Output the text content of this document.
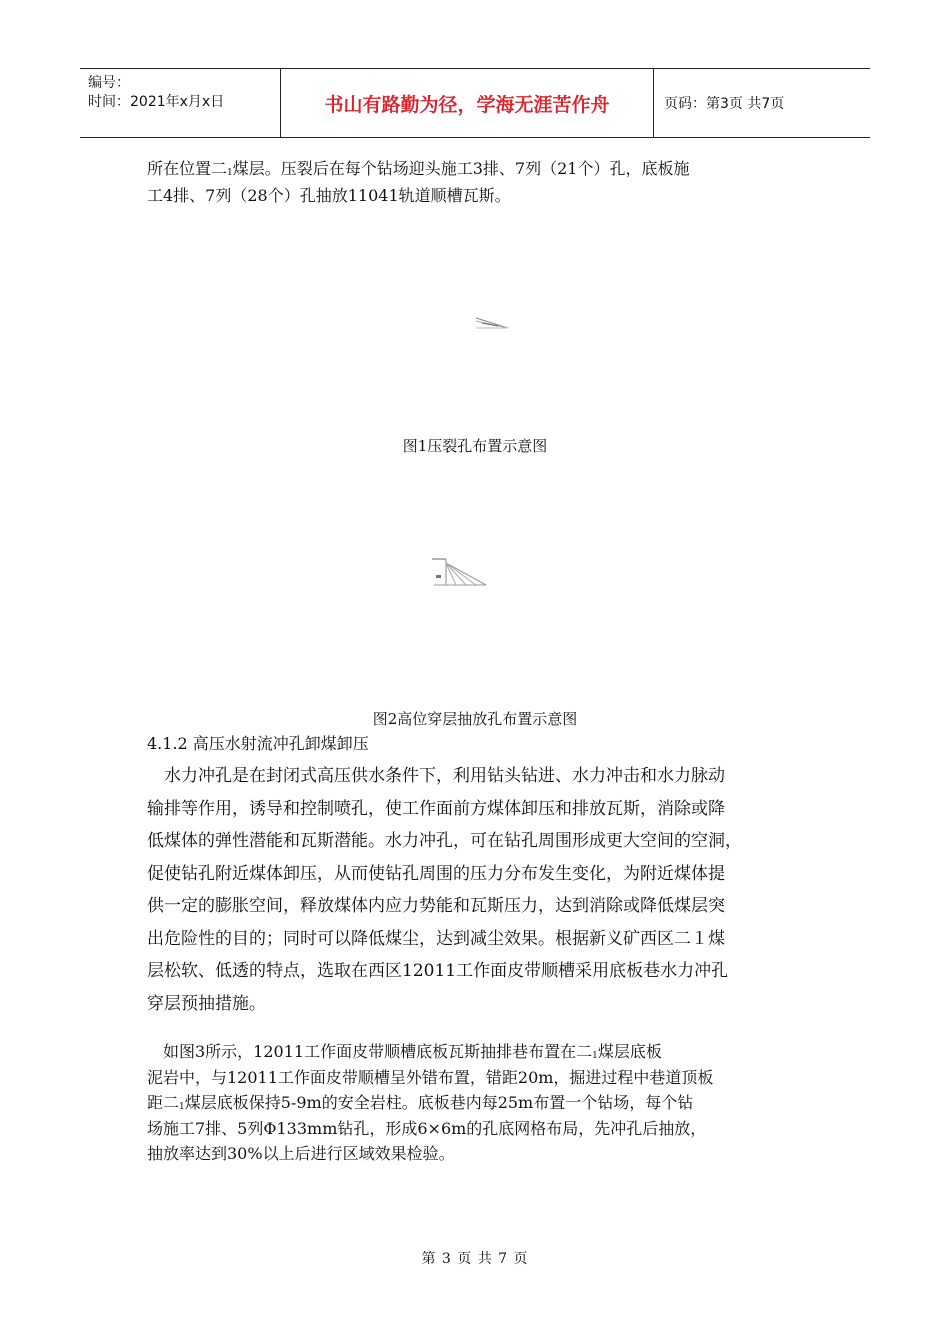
编号：
时间：2021年x月x日	书山有路勤为径，学海无涯苦作舟	页码：第3页 共7页
所在位置二$_1$煤层。压裂后在每个钻场迎头施工3排、7列（21个）孔，底板施
工4排、7列（28个）孔抽放11041轨道顺槽瓦斯。
图1压裂孔布置示意图
图2高位穿层抽放孔布置示意图
4.1.2 高压水射流冲孔卸煤卸压
　水力冲孔是在封闭式高压供水条件下，利用钻头钻进、水力冲击和水力脉动
输排等作用，诱导和控制喷孔，使工作面前方煤体卸压和排放瓦斯，消除或降
低煤体的弹性潜能和瓦斯潜能。水力冲孔，可在钻孔周围形成更大空间的空洞，
促使钻孔附近煤体卸压，从而使钻孔周围的压力分布发生变化，为附近煤体提
供一定的膨胀空间，释放煤体内应力势能和瓦斯压力，达到消除或降低煤层突
出危险性的目的；同时可以降低煤尘，达到减尘效果。根据新义矿西区二１煤
层松软、低透的特点，选取在西区12011工作面皮带顺槽采用底板巷水力冲孔
穿层预抽措施。
　如图3所示，12011工作面皮带顺槽底板瓦斯抽排巷布置在二$_1$煤层底板
泥岩中，与12011工作面皮带顺槽呈外错布置，错距20m，掘进过程中巷道顶板
距二$_1$煤层底板保持5-9m的安全岩柱。底板巷内每25m布置一个钻场，每个钻
场施工7排、5列Φ133mm钻孔，形成6×6m的孔底网格布局，先冲孔后抽放，
抽放率达到30%以上后进行区域效果检验。
第 3 页 共 7 页
